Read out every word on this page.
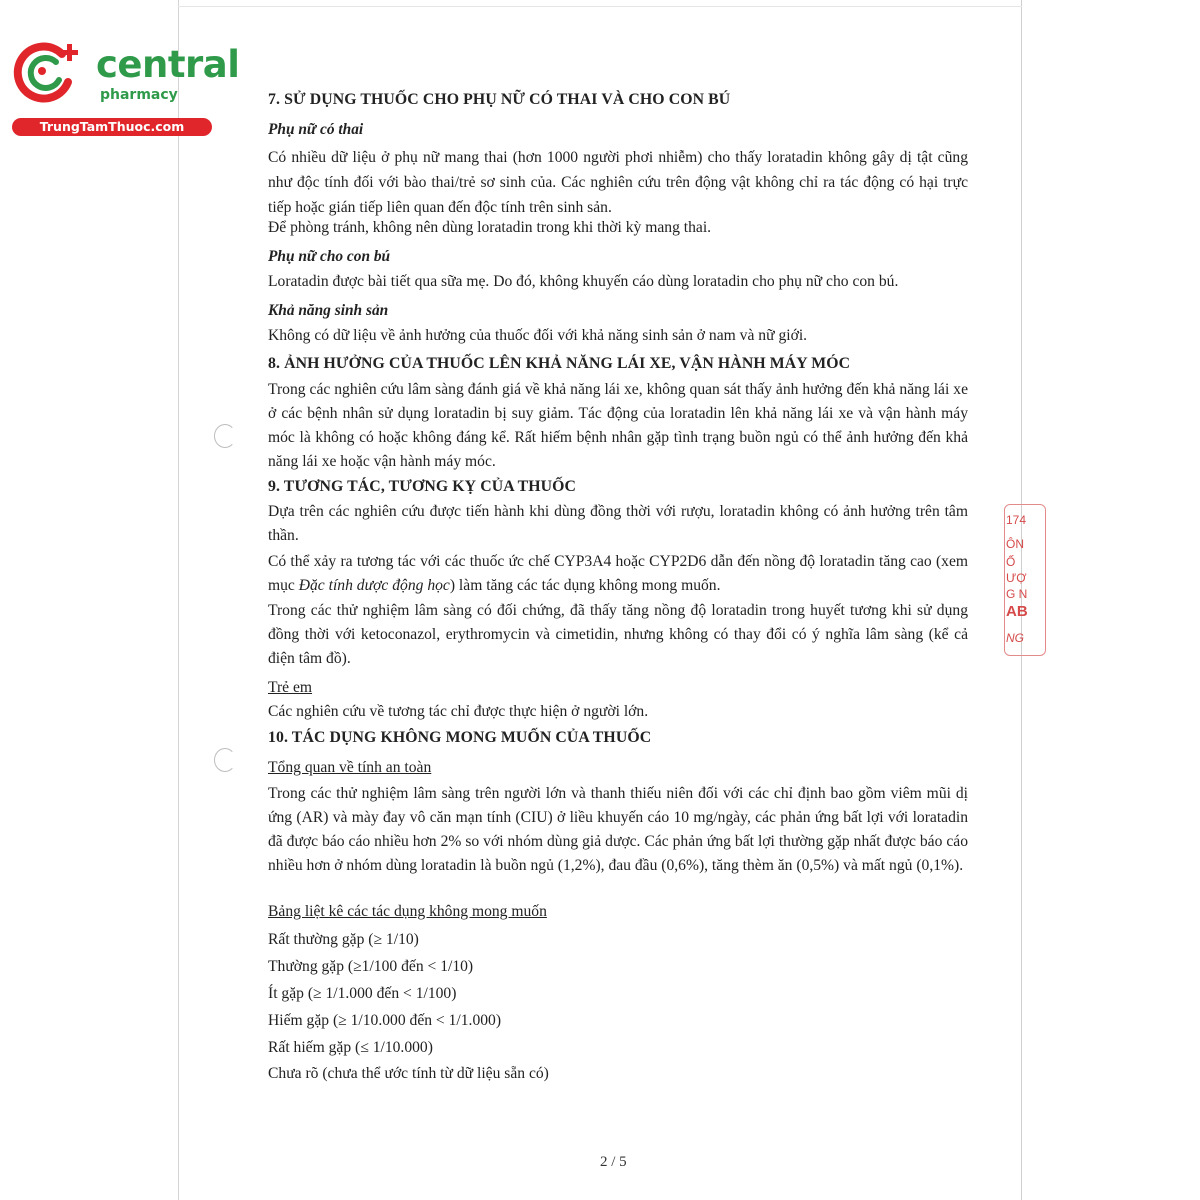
central
pharmacy
TrungTamThuoc.com
174
ÔN
Ố
ƯỢ
G N
AB
NG
7. SỬ DỤNG THUỐC CHO PHỤ NỮ CÓ THAI VÀ CHO CON BÚ
Phụ nữ có thai
Có nhiều dữ liệu ở phụ nữ mang thai (hơn 1000 người phơi nhiễm) cho thấy loratadin không gây dị tật cũng như độc tính đối với bào thai/trẻ sơ sinh của. Các nghiên cứu trên động vật không chỉ ra tác động có hại trực tiếp hoặc gián tiếp liên quan đến độc tính trên sinh sản.
Để phòng tránh, không nên dùng loratadin trong khi thời kỳ mang thai.
Phụ nữ cho con bú
Loratadin được bài tiết qua sữa mẹ. Do đó, không khuyến cáo dùng loratadin cho phụ nữ cho con bú.
Khả năng sinh sản
Không có dữ liệu về ảnh hưởng của thuốc đối với khả năng sinh sản ở nam và nữ giới.
8. ẢNH HƯỞNG CỦA THUỐC LÊN KHẢ NĂNG LÁI XE, VẬN HÀNH MÁY MÓC
Trong các nghiên cứu lâm sàng đánh giá về khả năng lái xe, không quan sát thấy ảnh hưởng đến khả năng lái xe ở các bệnh nhân sử dụng loratadin bị suy giảm. Tác động của loratadin lên khả năng lái xe và vận hành máy móc là không có hoặc không đáng kể. Rất hiếm bệnh nhân gặp tình trạng buồn ngủ có thể ảnh hưởng đến khả năng lái xe hoặc vận hành máy móc.
9. TƯƠNG TÁC, TƯƠNG KỴ CỦA THUỐC
Dựa trên các nghiên cứu được tiến hành khi dùng đồng thời với rượu, loratadin không có ảnh hưởng trên tâm thần.
Có thể xảy ra tương tác với các thuốc ức chế CYP3A4 hoặc CYP2D6 dẫn đến nồng độ loratadin tăng cao (xem mục Đặc tính dược động học) làm tăng các tác dụng không mong muốn.
Trong các thử nghiệm lâm sàng có đối chứng, đã thấy tăng nồng độ loratadin trong huyết tương khi sử dụng đồng thời với ketoconazol, erythromycin và cimetidin, nhưng không có thay đổi có ý nghĩa lâm sàng (kể cả điện tâm đồ).
Trẻ em
Các nghiên cứu về tương tác chỉ được thực hiện ở người lớn.
10. TÁC DỤNG KHÔNG MONG MUỐN CỦA THUỐC
Tổng quan về tính an toàn
Trong các thử nghiệm lâm sàng trên người lớn và thanh thiếu niên đối với các chỉ định bao gồm viêm mũi dị ứng (AR) và mày đay vô căn mạn tính (CIU) ở liều khuyến cáo 10 mg/ngày, các phản ứng bất lợi với loratadin đã được báo cáo nhiều hơn 2% so với nhóm dùng giả dược. Các phản ứng bất lợi thường gặp nhất được báo cáo nhiều hơn ở nhóm dùng loratadin là buồn ngủ (1,2%), đau đầu (0,6%), tăng thèm ăn (0,5%) và mất ngủ (0,1%).
Bảng liệt kê các tác dụng không mong muốn
Rất thường gặp (≥ 1/10)
Thường gặp (≥1/100 đến < 1/10)
Ít gặp (≥ 1/1.000 đến < 1/100)
Hiếm gặp (≥ 1/10.000 đến < 1/1.000)
Rất hiếm gặp (≤ 1/10.000)
Chưa rõ (chưa thể ước tính từ dữ liệu sẵn có)
2 / 5
